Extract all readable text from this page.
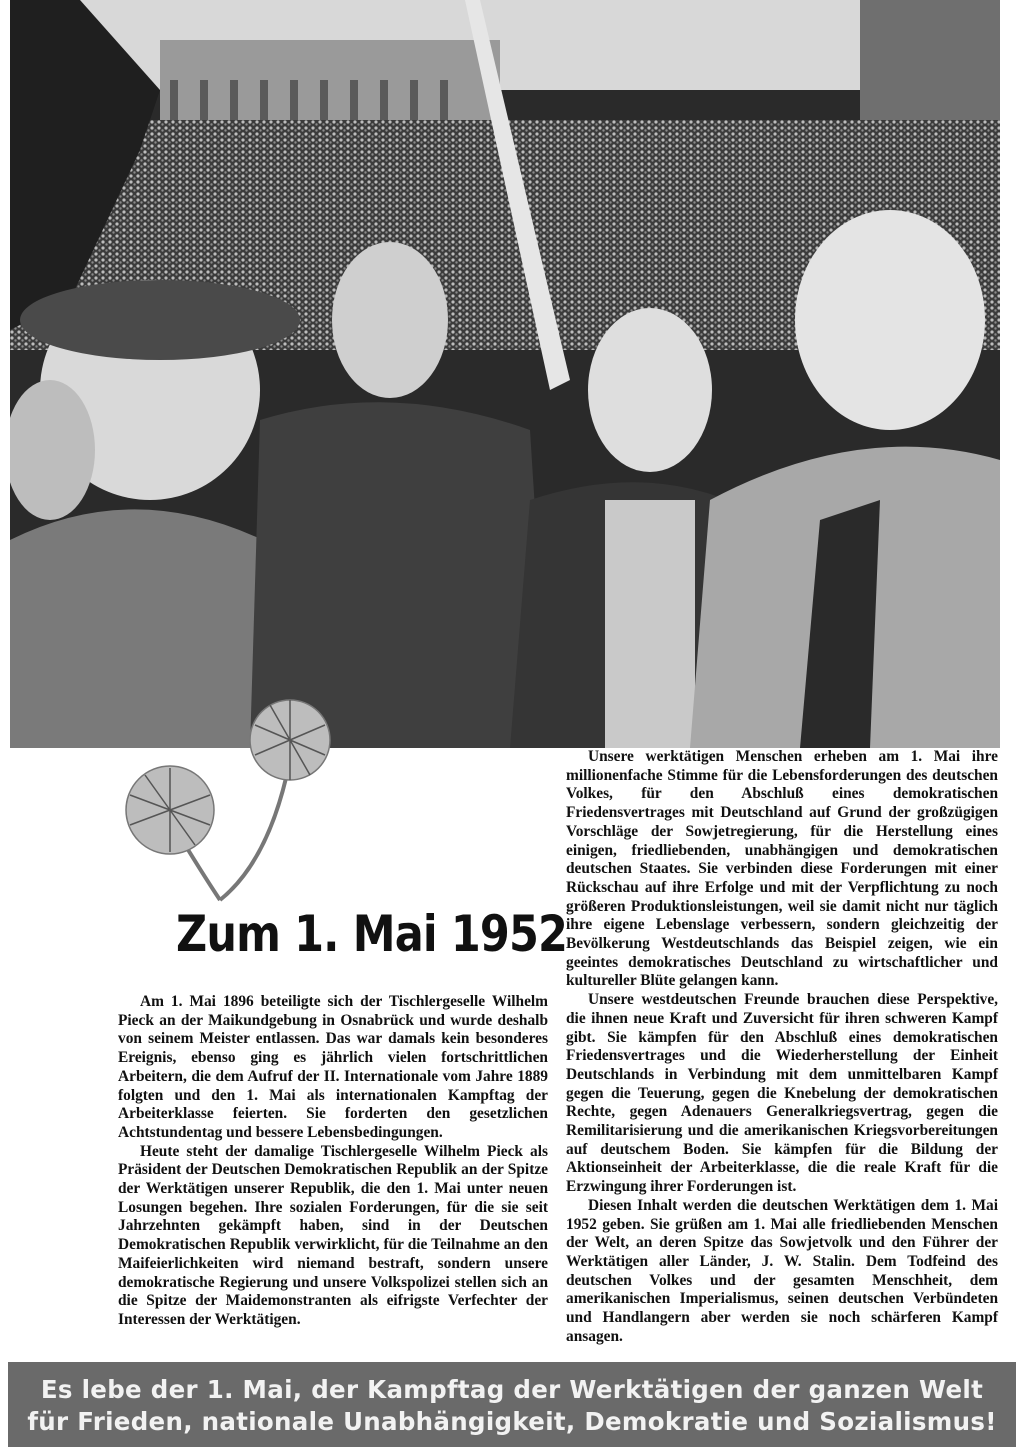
Zum 1. Mai 1952

Am 1. Mai 1896 beteiligte sich der Tischlergeselle Wilhelm Pieck an der Maikundgebung in Osnabrück und wurde deshalb von seinem Meister entlassen. Das war damals kein besonderes Ereignis, ebenso ging es jährlich vielen fortschrittlichen Arbeitern, die dem Aufruf der II. Internationale vom Jahre 1889 folgten und den 1. Mai als internationalen Kampftag der Arbeiterklasse feierten. Sie forderten den gesetzlichen Achtstundentag und bessere Lebensbedingungen.

Heute steht der damalige Tischlergeselle Wilhelm Pieck als Präsident der Deutschen Demokratischen Republik an der Spitze der Werktätigen unserer Republik, die den 1. Mai unter neuen Losungen begehen. Ihre sozialen Forderungen, für die sie seit Jahrzehnten gekämpft haben, sind in der Deutschen Demokratischen Republik verwirklicht, für die Teilnahme an den Maifeierlichkeiten wird niemand bestraft, sondern unsere demokratische Regierung und unsere Volkspolizei stellen sich an die Spitze der Maidemonstranten als eifrigste Verfechter der Interessen der Werktätigen.

Unsere werktätigen Menschen erheben am 1. Mai ihre millionenfache Stimme für die Lebensforderungen des deutschen Volkes, für den Abschluß eines demokratischen Friedensvertrages mit Deutschland auf Grund der großzügigen Vorschläge der Sowjetregierung, für die Herstellung eines einigen, friedliebenden, unabhängigen und demokratischen deutschen Staates. Sie verbinden diese Forderungen mit einer Rückschau auf ihre Erfolge und mit der Verpflichtung zu noch größeren Produktionsleistungen, weil sie damit nicht nur täglich ihre eigene Lebenslage verbessern, sondern gleichzeitig der Bevölkerung Westdeutschlands das Beispiel zeigen, wie ein geeintes demokratisches Deutschland zu wirtschaftlicher und kultureller Blüte gelangen kann.

Unsere westdeutschen Freunde brauchen diese Perspektive, die ihnen neue Kraft und Zuversicht für ihren schweren Kampf gibt. Sie kämpfen für den Abschluß eines demokratischen Friedensvertrages und die Wiederherstellung der Einheit Deutschlands in Verbindung mit dem unmittelbaren Kampf gegen die Teuerung, gegen die Knebelung der demokratischen Rechte, gegen Adenauers Generalkriegsvertrag, gegen die Remilitarisierung und die amerikanischen Kriegsvorbereitungen auf deutschem Boden. Sie kämpfen für die Bildung der Aktionseinheit der Arbeiterklasse, die die reale Kraft für die Erzwingung ihrer Forderungen ist.

Diesen Inhalt werden die deutschen Werktätigen dem 1. Mai 1952 geben. Sie grüßen am 1. Mai alle friedliebenden Menschen der Welt, an deren Spitze das Sowjetvolk und den Führer der Werktätigen aller Länder, J. W. Stalin. Dem Todfeind des deutschen Volkes und der gesamten Menschheit, dem amerikanischen Imperialismus, seinen deutschen Verbündeten und Handlangern aber werden sie noch schärferen Kampf ansagen.

Es lebe der 1. Mai, der Kampftag der Werktätigen der ganzen Welt
für Frieden, nationale Unabhängigkeit, Demokratie und Sozialismus!
